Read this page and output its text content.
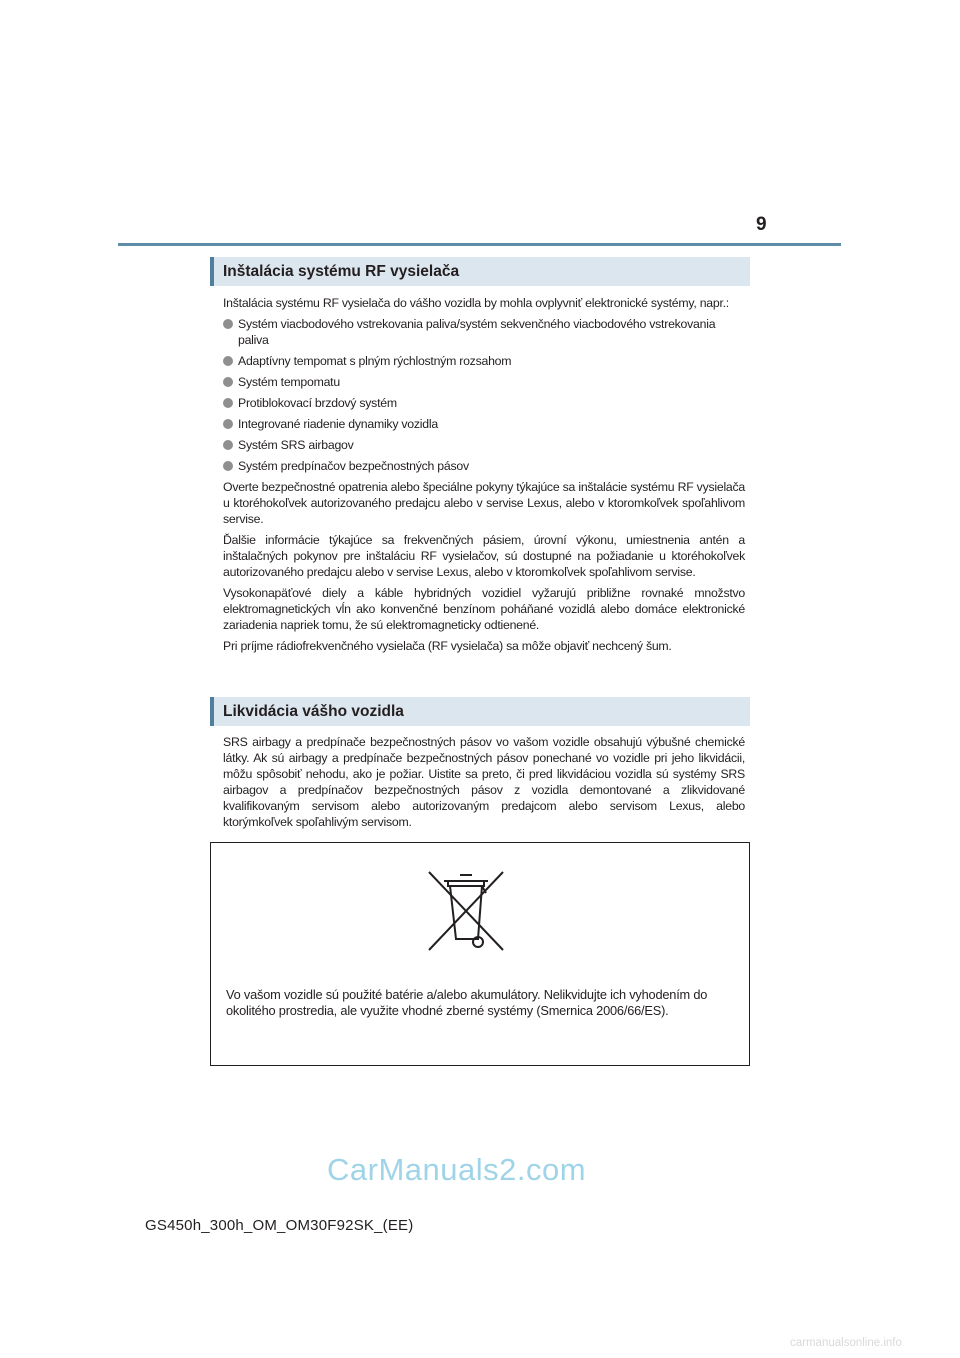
9
Inštalácia systému RF vysielača

Inštalácia systému RF vysielača do vášho vozidla by mohla ovplyvniť elektronické systémy, napr.:

Systém viacbodového vstrekovania paliva/systém sekvenčného viacbodového vstrekovania paliva
Adaptívny tempomat s plným rýchlostným rozsahom
Systém tempomatu
Protiblokovací brzdový systém
Integrované riadenie dynamiky vozidla
Systém SRS airbagov
Systém predpínačov bezpečnostných pásov

Overte bezpečnostné opatrenia alebo špeciálne pokyny týkajúce sa inštalácie systému RF vysielača u ktoréhokoľvek autorizovaného predajcu alebo v servise Lexus, alebo v ktoromkoľvek spoľahlivom servise.

Ďalšie informácie týkajúce sa frekvenčných pásiem, úrovní výkonu, umiestnenia antén a inštalačných pokynov pre inštaláciu RF vysielačov, sú dostupné na požiadanie u ktoréhokoľvek autorizovaného predajcu alebo v servise Lexus, alebo v ktoromkoľvek spoľahlivom servise.

Vysokonapäťové diely a káble hybridných vozidiel vyžarujú približne rovnaké množstvo elektromagnetických vĺn ako konvenčné benzínom poháňané vozidlá alebo domáce elektronické zariadenia napriek tomu, že sú elektromagneticky odtienené.

Pri príjme rádiofrekvenčného vysielača (RF vysielača) sa môže objaviť nechcený šum.

Likvidácia vášho vozidla

SRS airbagy a predpínače bezpečnostných pásov vo vašom vozidle obsahujú výbušné chemické látky. Ak sú airbagy a predpínače bezpečnostných pásov ponechané vo vozidle pri jeho likvidácii, môžu spôsobiť nehodu, ako je požiar. Uistite sa preto, či pred likvidáciou vozidla sú systémy SRS airbagov a predpínačov bezpečnostných pásov z vozidla demontované a zlikvidované kvalifikovaným servisom alebo autorizovaným predajcom alebo servisom Lexus, alebo ktorýmkoľvek spoľahlivým servisom.

Vo vašom vozidle sú použité batérie a/alebo akumulátory. Nelikvidujte ich vyhodením do okolitého prostredia, ale využite vhodné zberné systémy (Smernica 2006/66/ES).
CarManuals2.com
GS450h_300h_OM_OM30F92SK_(EE)
carmanualsonline.info
